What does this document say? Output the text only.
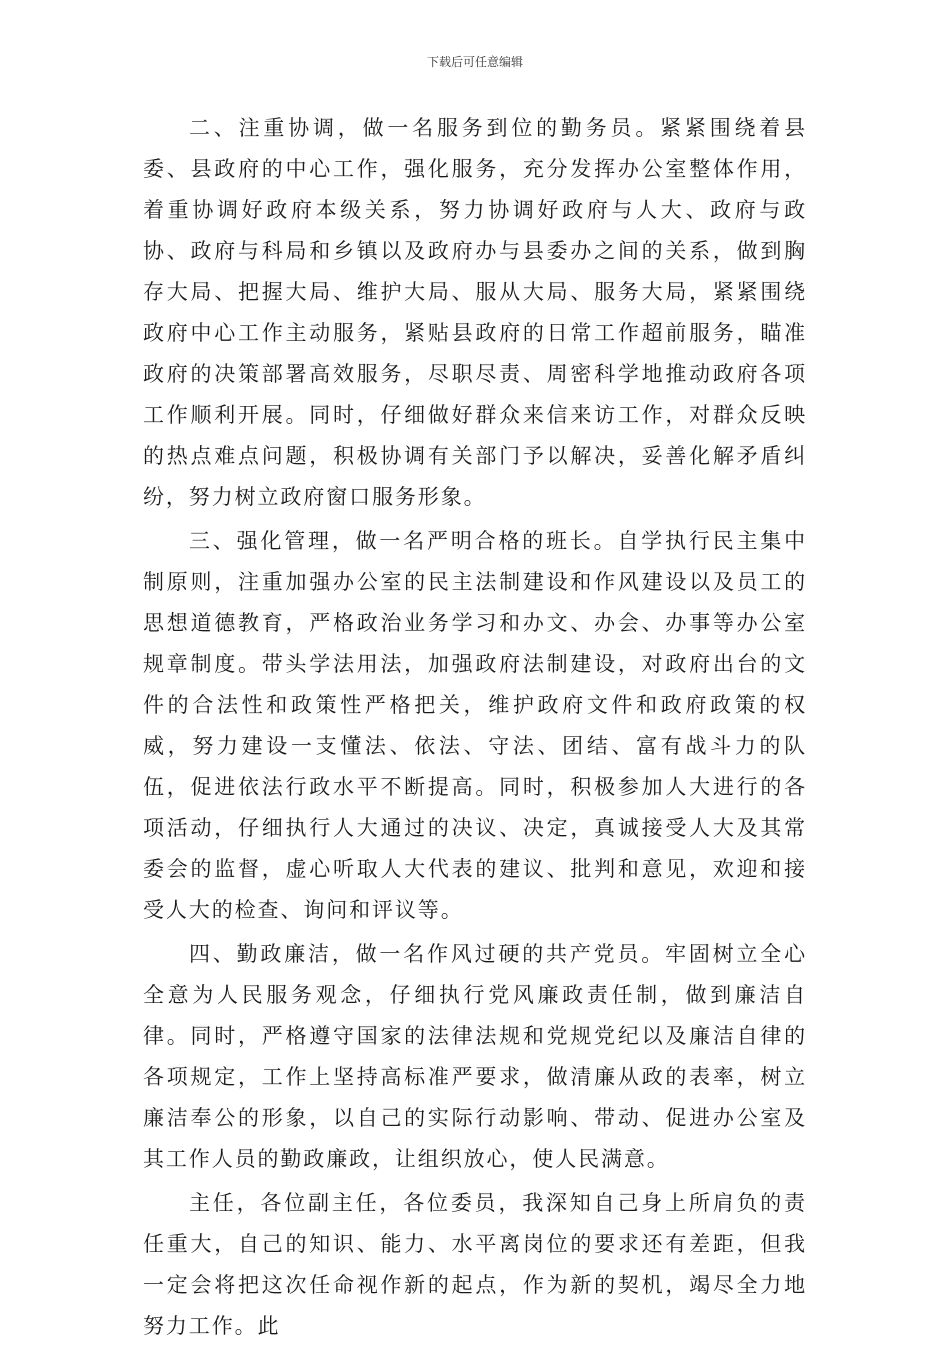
下载后可任意编辑

二、注重协调，做一名服务到位的勤务员。紧紧围绕着县委、县政府的中心工作，强化服务，充分发挥办公室整体作用，着重协调好政府本级关系，努力协调好政府与人大、政府与政协、政府与科局和乡镇以及政府办与县委办之间的关系，做到胸存大局、把握大局、维护大局、服从大局、服务大局，紧紧围绕政府中心工作主动服务，紧贴县政府的日常工作超前服务，瞄准政府的决策部署高效服务，尽职尽责、周密科学地推动政府各项工作顺利开展。同时，仔细做好群众来信来访工作，对群众反映的热点难点问题，积极协调有关部门予以解决，妥善化解矛盾纠纷，努力树立政府窗口服务形象。

三、强化管理，做一名严明合格的班长。自学执行民主集中制原则，注重加强办公室的民主法制建设和作风建设以及员工的思想道德教育，严格政治业务学习和办文、办会、办事等办公室规章制度。带头学法用法，加强政府法制建设，对政府出台的文件的合法性和政策性严格把关，维护政府文件和政府政策的权威，努力建设一支懂法、依法、守法、团结、富有战斗力的队伍，促进依法行政水平不断提高。同时，积极参加人大进行的各项活动，仔细执行人大通过的决议、决定，真诚接受人大及其常委会的监督，虚心听取人大代表的建议、批判和意见，欢迎和接受人大的检查、询问和评议等。

四、勤政廉洁，做一名作风过硬的共产党员。牢固树立全心全意为人民服务观念，仔细执行党风廉政责任制，做到廉洁自律。同时，严格遵守国家的法律法规和党规党纪以及廉洁自律的各项规定，工作上坚持高标准严要求，做清廉从政的表率，树立廉洁奉公的形象，以自己的实际行动影响、带动、促进办公室及其工作人员的勤政廉政，让组织放心，使人民满意。

主任，各位副主任，各位委员，我深知自己身上所肩负的责任重大，自己的知识、能力、水平离岗位的要求还有差距，但我一定会将把这次任命视作新的起点，作为新的契机，竭尽全力地努力工作。此
